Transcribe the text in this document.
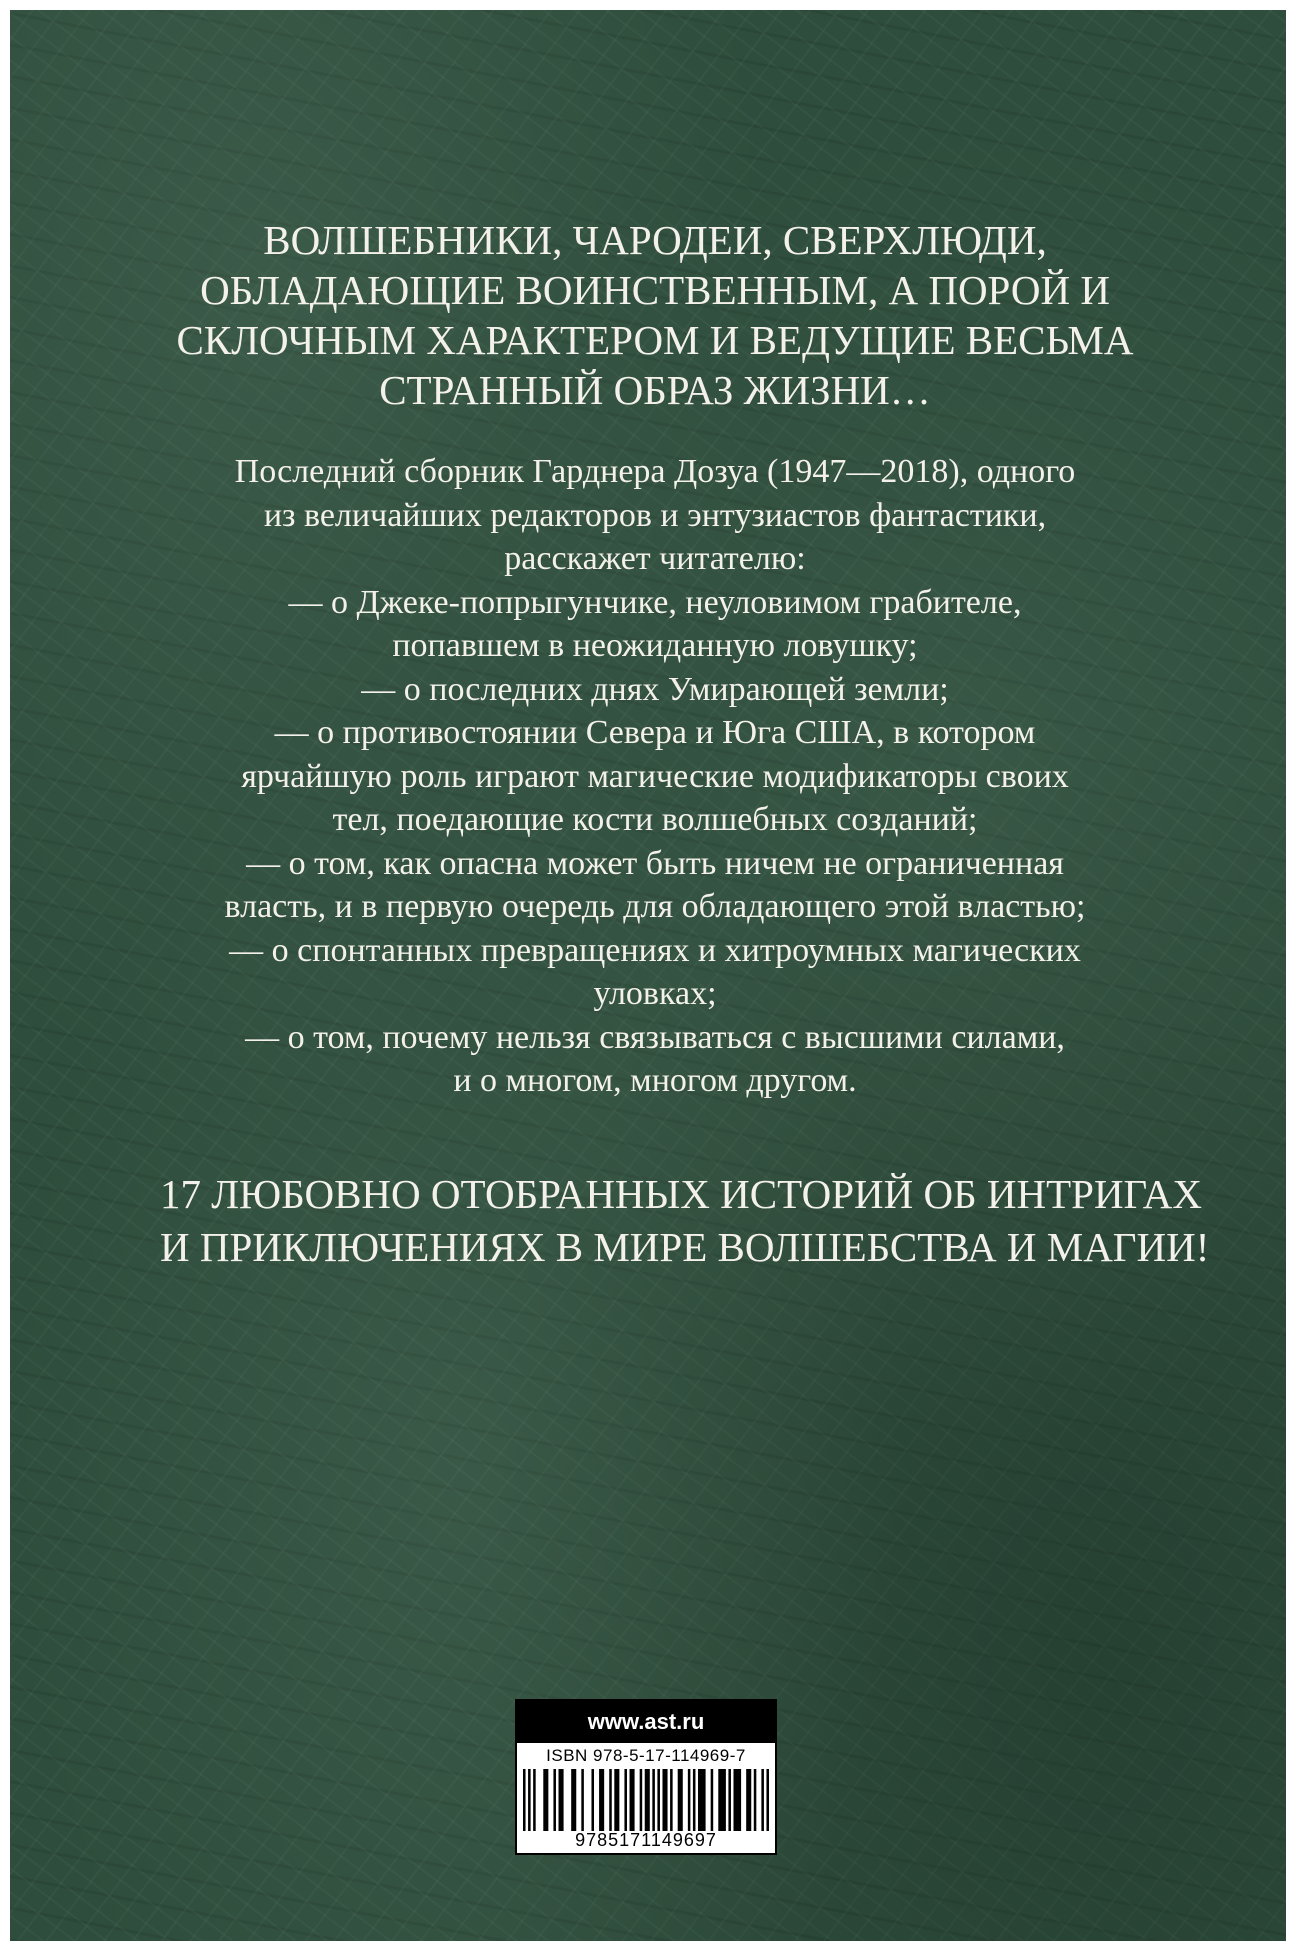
ВОЛШЕБНИКИ, ЧАРОДЕИ, СВЕРХЛЮДИ,
ОБЛАДАЮЩИЕ ВОИНСТВЕННЫМ, А ПОРОЙ И
СКЛОЧНЫМ ХАРАКТЕРОМ И ВЕДУЩИЕ ВЕСЬМА
СТРАННЫЙ ОБРАЗ ЖИЗНИ…
Последний сборник Гарднера Дозуа (1947—2018), одного
из величайших редакторов и энтузиастов фантастики,
расскажет читателю:
— о Джеке-попрыгунчике, неуловимом грабителе,
попавшем в неожиданную ловушку;
— о последних днях Умирающей земли;
— о противостоянии Севера и Юга США, в котором
ярчайшую роль играют магические модификаторы своих
тел, поедающие кости волшебных созданий;
— о том, как опасна может быть ничем не ограниченная
власть, и в первую очередь для обладающего этой властью;
— о спонтанных превращениях и хитроумных магических
уловках;
— о том, почему нельзя связываться с высшими силами,
и о многом, многом другом.
17 ЛЮБОВНО ОТОБРАННЫХ ИСТОРИЙ ОБ ИНТРИГАХ
И ПРИКЛЮЧЕНИЯХ В МИРЕ ВОЛШЕБСТВА И МАГИИ!
www.ast.ru
ISBN 978-5-17-114969-7
9785171149697
